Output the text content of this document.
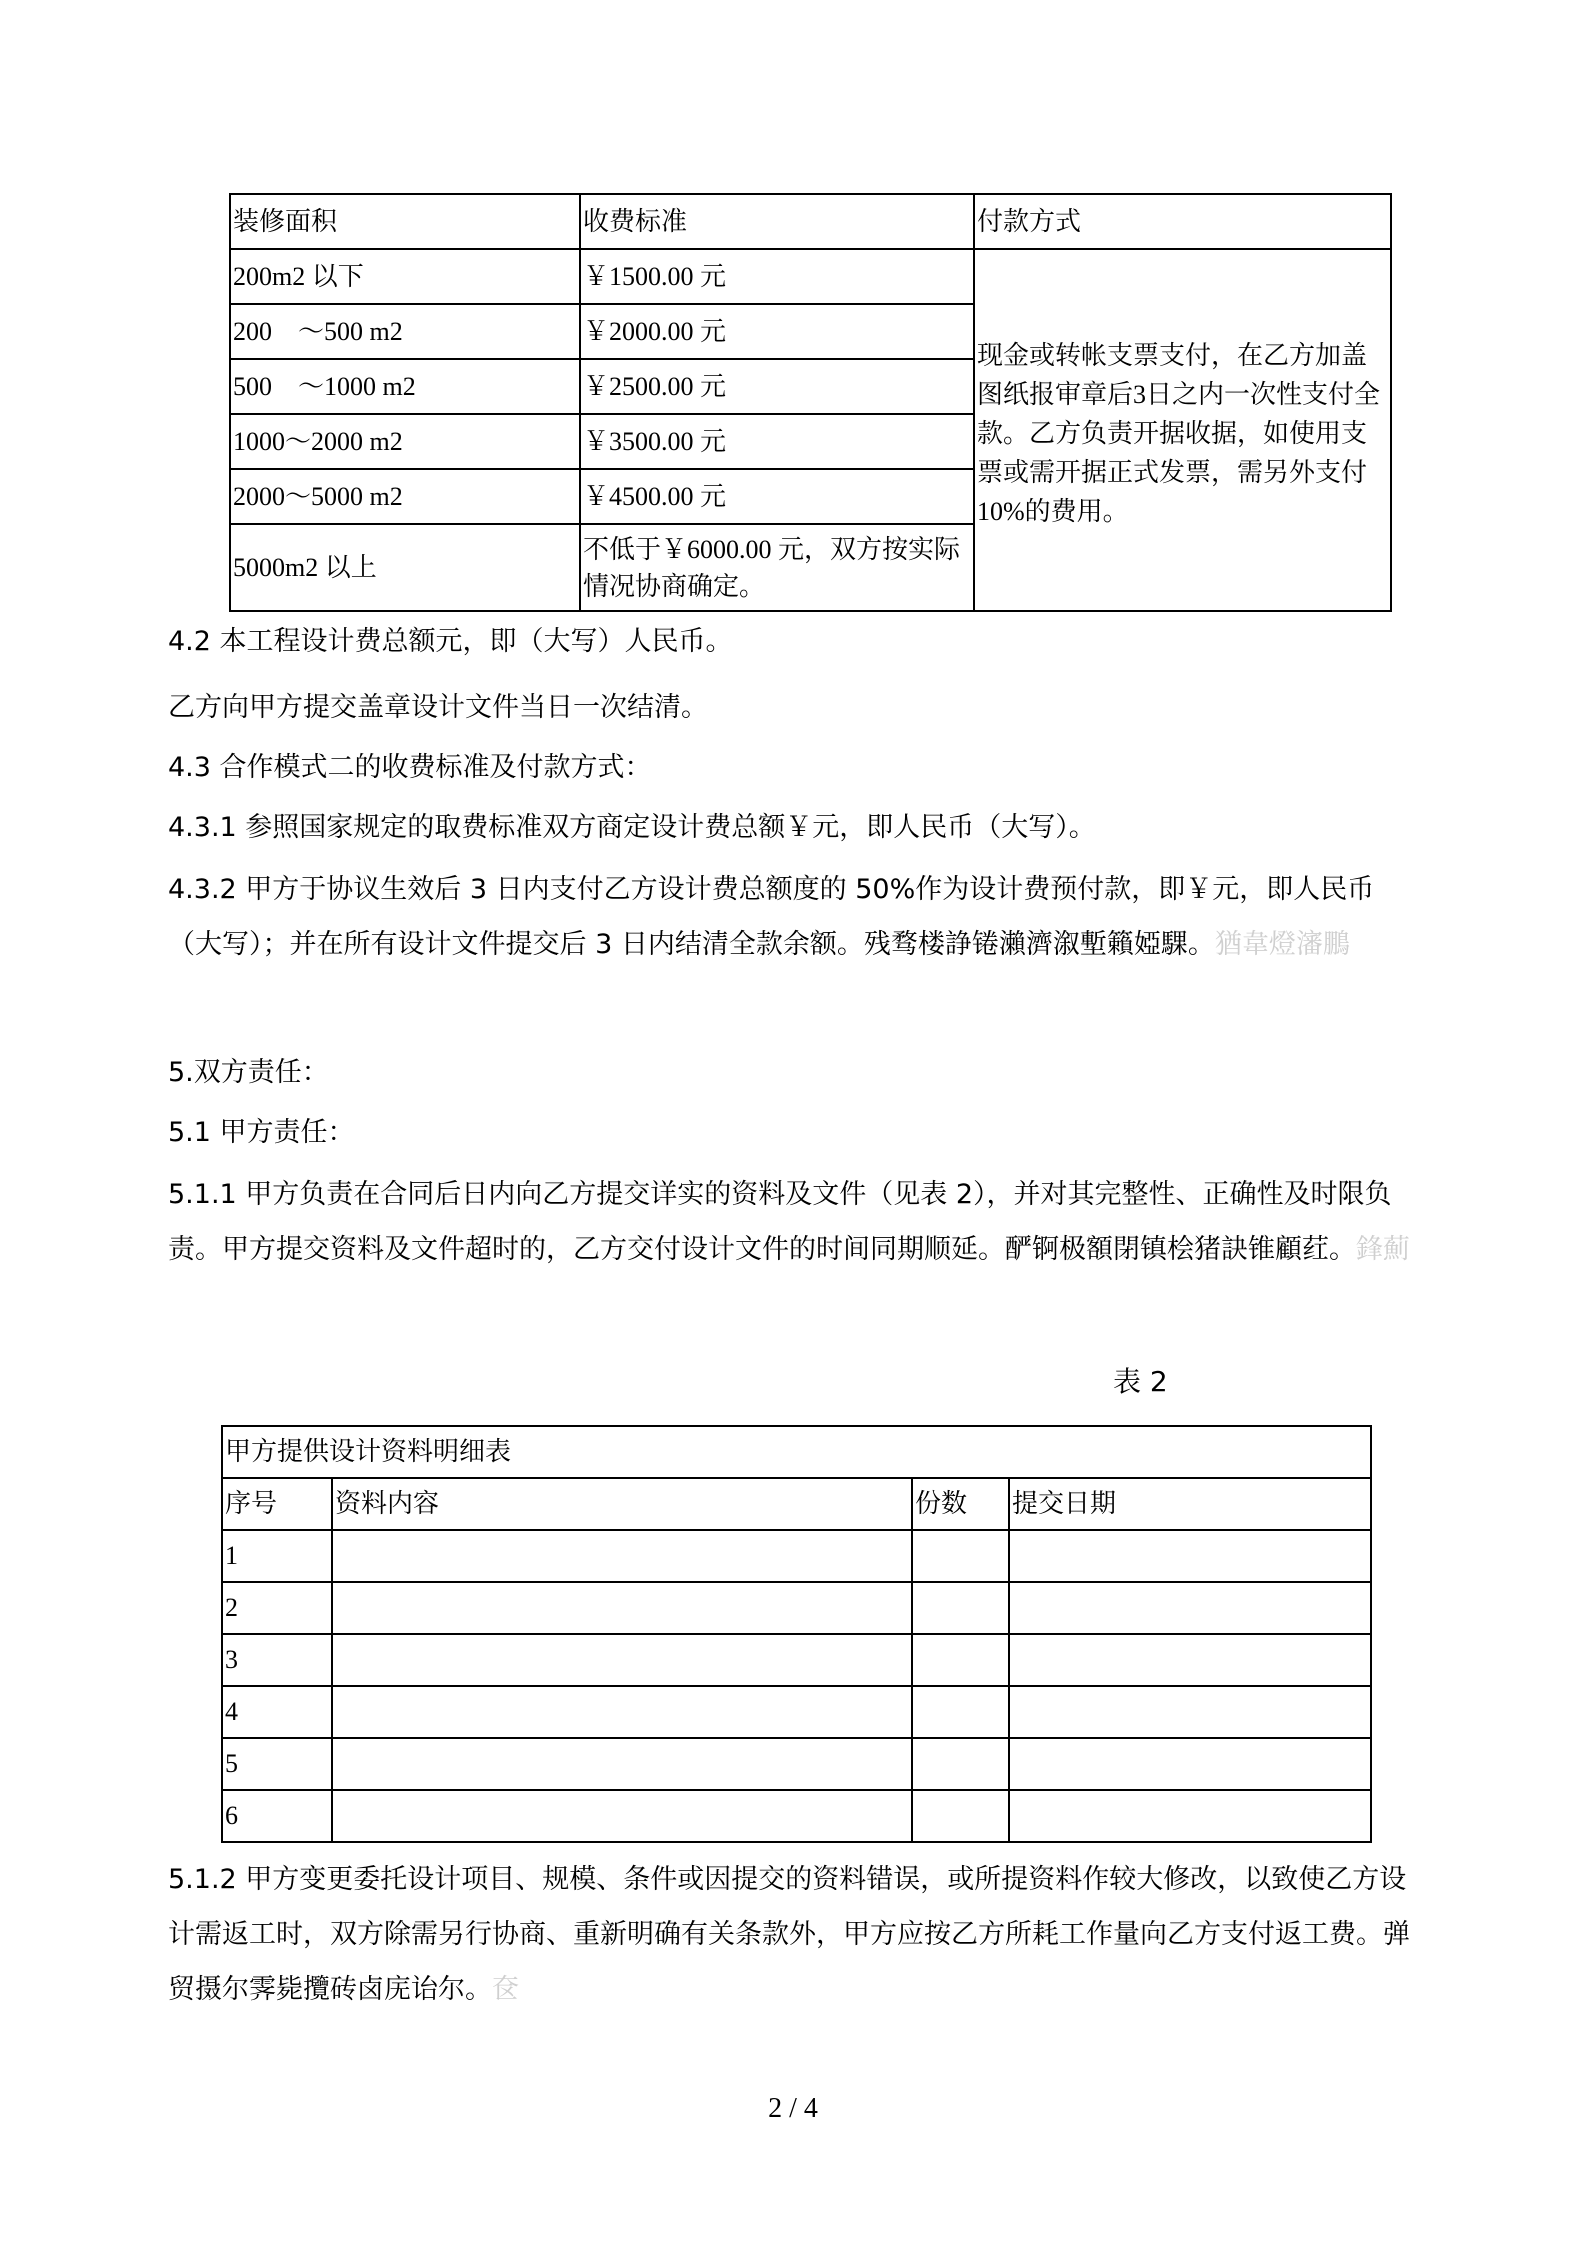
装修面积	收费标准	付款方式
200m2 以下	￥1500.00 元	现金或转帐支票支付，在乙方加盖图纸报审章后3日之内一次性支付全款。乙方负责开据收据，如使用支票或需开据正式发票，需另外支付 10%的费用。
200　～500 m2	￥2000.00 元	
500　～1000 m2	￥2500.00 元	
1000～2000 m2	￥3500.00 元	
2000～5000 m2	￥4500.00 元	
5000m2 以上	不低于￥6000.00 元，双方按实际情况协商确定。	
4.2 本工程设计费总额元，即（大写）人民币。
乙方向甲方提交盖章设计文件当日一次结清。
4.3 合作模式二的收费标准及付款方式：
4.3.1 参照国家规定的取费标准双方商定设计费总额￥元，即人民币（大写）。
4.3.2 甲方于协议生效后 3 日内支付乙方设计费总额度的 50%作为设计费预付款，即￥元，即人民币（大写）；并在所有设计文件提交后 3 日内结清全款余额。残骛楼諍锩瀨濟溆塹籟婭騍。猶韋燈瀋鵬
5.双方责任：
5.1 甲方责任：
5.1.1 甲方负责在合同后日内向乙方提交详实的资料及文件（见表 2），并对其完整性、正确性及时限负责。甲方提交资料及文件超时的，乙方交付设计文件的时间同期顺延。酽锕极額閉镇桧猪訣锥顧荭。鋒薊
表 2
甲方提供设计资料明细表			
序号	资料内容	份数	提交日期
1			
2			
3			
4			
5			
6			
5.1.2 甲方变更委托设计项目、规模、条件或因提交的资料错误，或所提资料作较大修改，以致使乙方设计需返工时，双方除需另行协商、重新明确有关条款外，甲方应按乙方所耗工作量向乙方支付返工费。弹贸摄尔霁毙攬砖卤庑诒尔。奁
2 / 4
